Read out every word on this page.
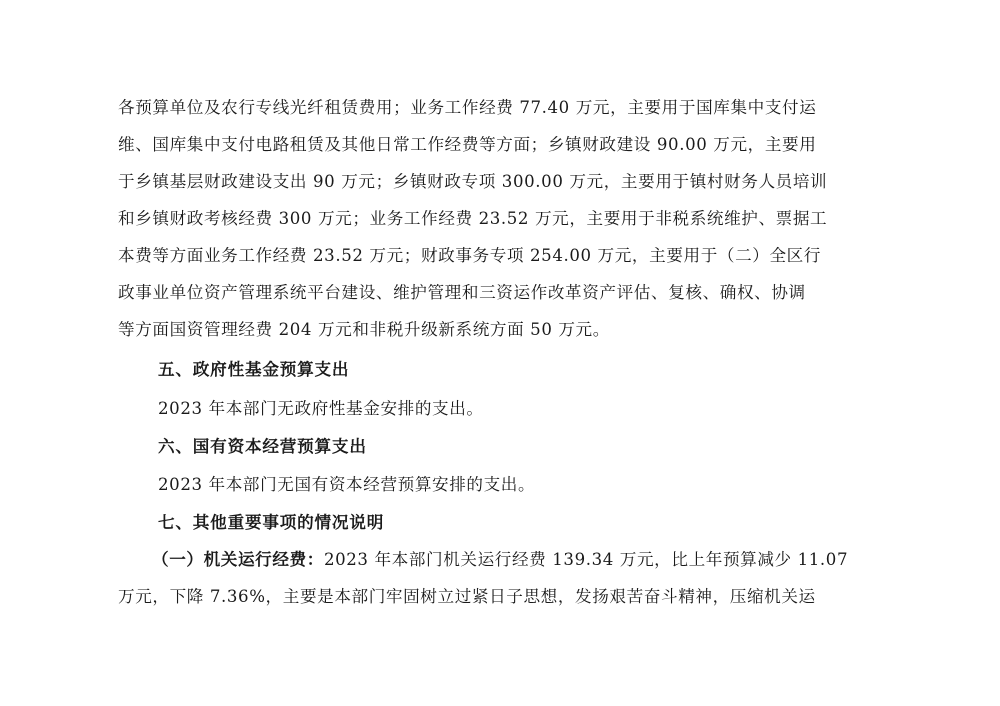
各预算单位及农行专线光纤租赁费用；业务工作经费 77.40 万元，主要用于国库集中支付运
维、国库集中支付电路租赁及其他日常工作经费等方面；乡镇财政建设 90.00 万元，主要用
于乡镇基层财政建设支出 90 万元；乡镇财政专项 300.00 万元，主要用于镇村财务人员培训
和乡镇财政考核经费 300 万元；业务工作经费 23.52 万元，主要用于非税系统维护、票据工
本费等方面业务工作经费 23.52 万元；财政事务专项 254.00 万元，主要用于（二）全区行
政事业单位资产管理系统平台建设、维护管理和三资运作改革资产评估、复核、确权、协调
等方面国资管理经费 204 万元和非税升级新系统方面 50 万元。
五、政府性基金预算支出
2023 年本部门无政府性基金安排的支出。
六、国有资本经营预算支出
2023 年本部门无国有资本经营预算安排的支出。
七、其他重要事项的情况说明
（一）机关运行经费：2023 年本部门机关运行经费 139.34 万元，比上年预算减少 11.07
万元，下降 7.36%，主要是本部门牢固树立过紧日子思想，发扬艰苦奋斗精神，压缩机关运
